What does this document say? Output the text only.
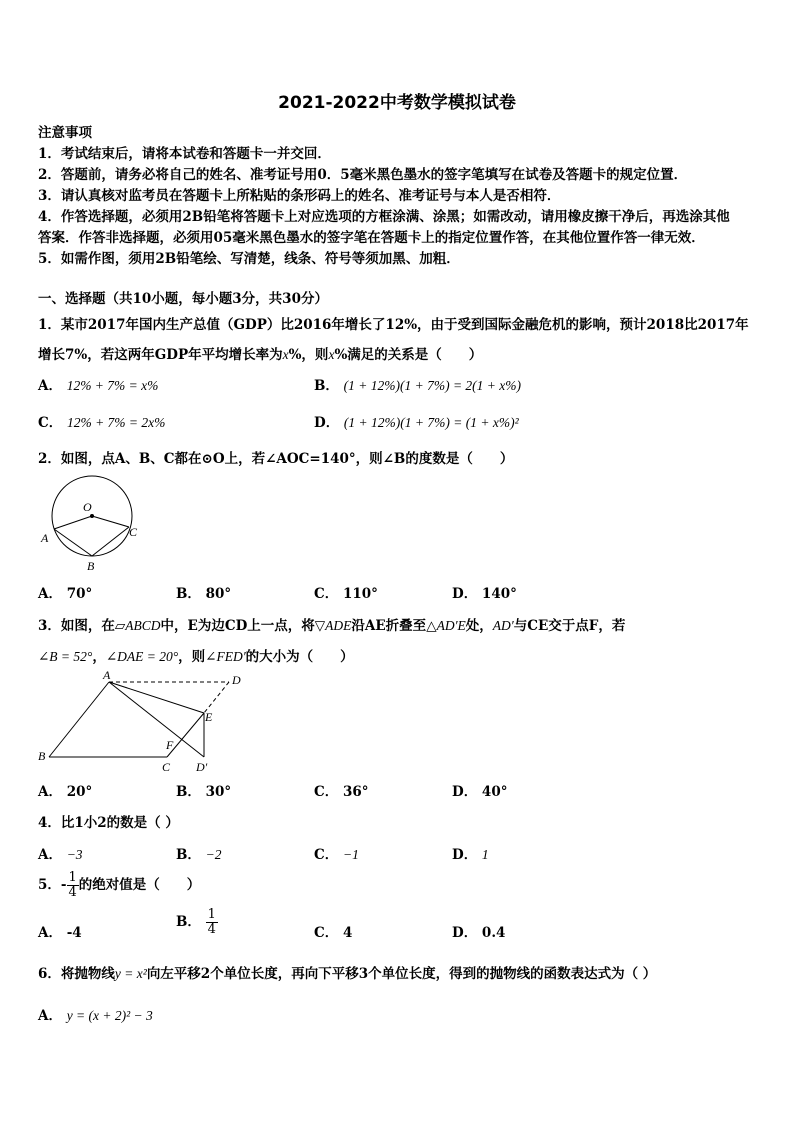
2021-2022中考数学模拟试卷
注意事项
1．考试结束后，请将本试卷和答题卡一并交回．
2．答题前，请务必将自己的姓名、准考证号用0．5毫米黑色墨水的签字笔填写在试卷及答题卡的规定位置．
3．请认真核对监考员在答题卡上所粘贴的条形码上的姓名、准考证号与本人是否相符．
4．作答选择题，必须用2B铅笔将答题卡上对应选项的方框涂满、涂黑；如需改动，请用橡皮擦干净后，再选涂其他
答案．作答非选择题，必须用05毫米黑色墨水的签字笔在答题卡上的指定位置作答，在其他位置作答一律无效．
5．如需作图，须用2B铅笔绘、写清楚，线条、符号等须加黑、加粗．
一、选择题（共10小题，每小题3分，共30分）
1．某市2017年国内生产总值（GDP）比2016年增长了12%，由于受到国际金融危机的影响，预计2018比2017年
增长7%，若这两年GDP年平均增长率为x%，则x%满足的关系是（　　）
A． 12% + 7% = x%	B． (1 + 12%)(1 + 7%) = 2(1 + x%)
C． 12% + 7% = 2x%	D． (1 + 12%)(1 + 7%) = (1 + x%)²
2．如图，点A、B、C都在⊙O上，若∠AOC=140°，则∠B的度数是（　　）
O
A	C
B
A． 70°	B． 80°	C． 110°	D． 140°
3．如图，在▱ABCD中，E为边CD上一点，将▽ADE沿AE折叠至△AD′E处，AD′与CE交于点F，若
∠B = 52°，∠DAE = 20°，则∠FED′的大小为（　　）
A	D
E
F
B
C D′
A． 20°	B． 30°	C． 36°	D． 40°
4．比1小2的数是（ ）
A． −3	B． −2	C． −1	D． 1
5．- $\frac{1}{4}$ 的绝对值是（　　）
A． -4
B． $\frac{1}{4}$	C． 4	D． 0.4
6．将抛物线y = x²向左平移2个单位长度，再向下平移3个单位长度，得到的抛物线的函数表达式为（ ）
A． y = (x + 2)² − 3
